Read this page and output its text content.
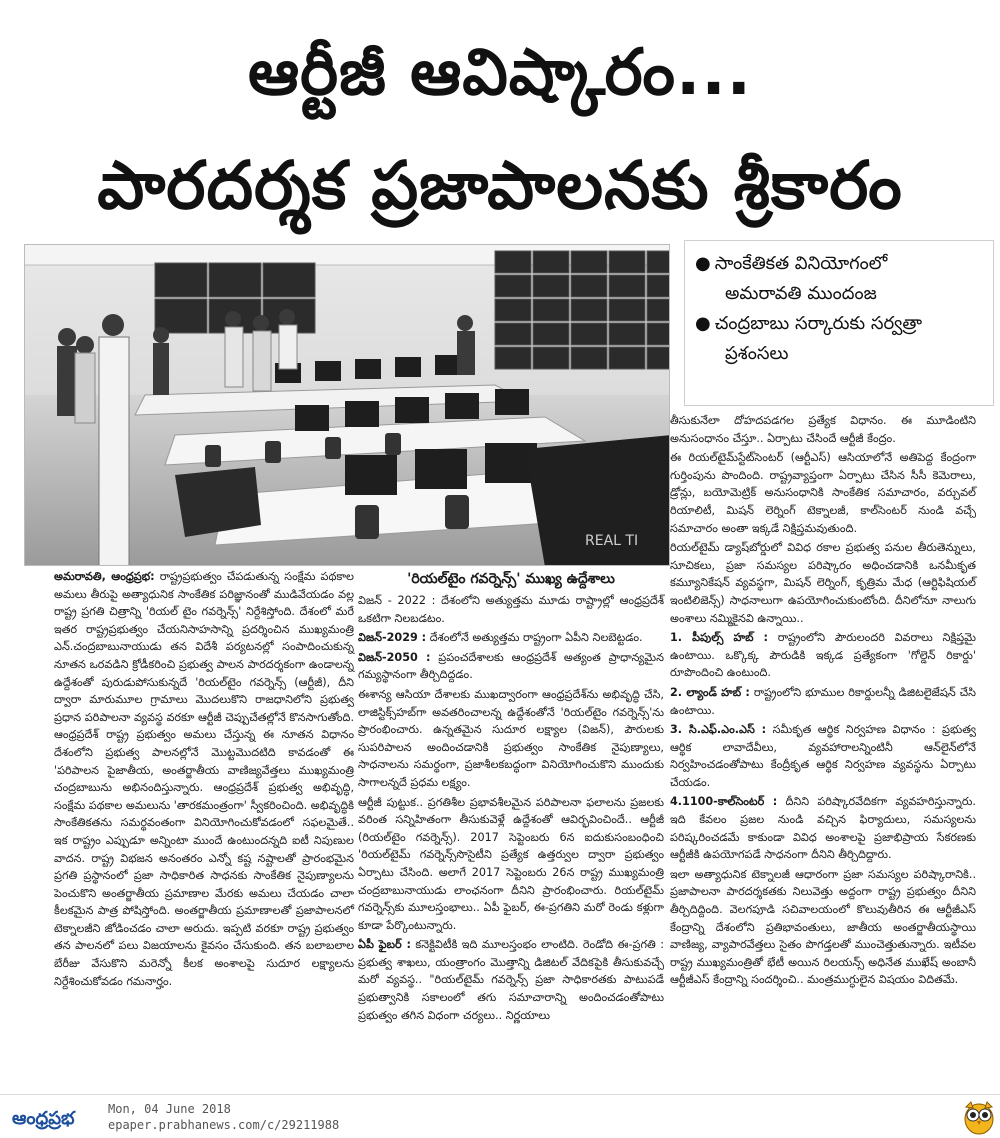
ఆర్టీజీ ఆవిష్కారం...
పారదర్శక ప్రజాపాలనకు శ్రీకారం
REAL TI
● సాంకేతికత వినియోగంలో
అమరావతి ముందంజ
● చంద్రబాబు సర్కారుకు సర్వత్రా
ప్రశంసలు

అమరావతి, ఆంధ్రప్రభ: రాష్ట్రప్రభుత్వం చేపడుతున్న సంక్షేమ పథకాల అమలు తీరుపై అత్యాధునిక సాంకేతిక పరిజ్ఞానంతో ముడివేయడం వల్ల రాష్ట్ర ప్రగతి చిత్రాన్ని 'రియల్ టైం గవర్నెన్స్' నిర్దేశిస్తోంది. దేశంలో మరే ఇతర రాష్ట్రప్రభుత్వం చేయనిసాహసాన్ని ప్రదర్శించిన ముఖ్యమంత్రి ఎన్.చంద్రబాబునాయుడు తన విదేశీ పర్యటనల్లో సంపాదించుకున్న నూతన ఒరవడిని క్రోడీకరించి ప్రభుత్వ పాలన పారదర్శకంగా ఉండాలన్న ఉద్దేశంతో పురుడుపోసుకున్నదే 'రియల్‌టైం గవర్నెన్స్ (ఆర్టీజీ), దీని ద్వారా మారుమూల గ్రామాలు మొదలుకొని రాజధానిలోని ప్రభుత్వ ప్రధాన పరిపాలనా వ్యవస్థ వరకూ ఆర్టీజీ చెప్పుచేతల్లోనే కొనసాగుతోంది. ఆంధ్రప్రదేశ్ రాష్ట్ర ప్రభుత్వం అమలు చేస్తున్న ఈ నూతన విధానం దేశంలోని ప్రభుత్వ పాలనల్లోనే మొట్టమొదటిది కావడంతో ఈ 'పరిపాలన పైజాతీయ, అంతర్జాతీయ వాణిజ్యవేత్తలు ముఖ్యమంత్రి చంద్రబాబును అభినందిస్తున్నారు. ఆంధ్రప్రదేశ్ ప్రభుత్వ అభివృద్ధి, సంక్షేమ పథకాల అమలును 'తారకమంత్రంగా' స్వీకరించింది. అభివృద్ధికి సాంకేతికతను సమర్థవంతంగా వినియోగించుకోవడంలో సఫలమైతే.. ఇక రాష్ట్రం ఎప్పుడూ అన్నింటా ముందే ఉంటుందన్నది ఐటీ నిపుణుల వాదన. రాష్ట్ర విభజన అనంతరం ఎన్నో కష్ట నష్టాలతో ప్రారంభమైన ప్రగతి ప్రస్థానంలో ప్రజా సాధికారిత సాధనకు సాంకేతిక నైపుణ్యాలను పెంచుకొని అంతర్జాతీయ ప్రమాణాల మేరకు అమలు చేయడం చాలా కీలకమైన పాత్ర పోషిస్తోంది. అంతర్జాతీయ ప్రమాణాలతో ప్రజాపాలనలో టెక్నాలజీని జోడించడం చాలా అరుదు. ఇప్పటి వరకూ రాష్ట్ర ప్రభుత్వం తన పాలనలో పలు విజయాలను కైవసం చేసుకుంది. తన బలాబలాల బేరీజు వేసుకొని మరెన్నో కీలక అంశాలపై సుదూర లక్ష్యాలను నిర్దేశించుకోవడం గమనార్హం.

'రియల్‌టైం గవర్నెన్స్' ముఖ్య ఉద్దేశాలు

విజన్ - 2022 : దేశంలోని అత్యుత్తమ మూడు రాష్ట్రాల్లో ఆంధ్రప్రదేశ్ ఒకటిగా నిలబడటం.

విజన్-2029 : దేశంలోనే అత్యుత్తమ రాష్ట్రంగా ఏపీని నిలబెట్టడం.

విజన్-2050 : ప్రపంచదేశాలకు ఆంధ్రప్రదేశ్ అత్యంత ప్రాధాన్యమైన గమ్యస్థానంగా తీర్చిదిద్దడం.

ఈశాన్య ఆసియా దేశాలకు ముఖద్వారంగా ఆంధ్రప్రదేశ్‌ను అభివృద్ధి చేసి, లాజిస్టిక్స్‌హబ్‌గా అవతరించాలన్న ఉద్దేశంతోనే 'రియల్‌టైం గవర్నెన్స్'ను ప్రారంభించారు. ఉన్నతమైన సుదూర లక్ష్యాల (విజన్), పౌరులకు సుపరిపాలన అందించడానికి ప్రభుత్వం సాంకేతిక నైపుణ్యాలు, సాధనాలను సమర్థంగా, ప్రజాశీలకబద్ధంగా వినియోగించుకొని ముందుకు సాగాలన్నదే ప్రధమ లక్ష్యం.

ఆర్టీజీ పుట్టుక.. ప్రగతిశీల ప్రభావశీలమైన పరిపాలనా ఫలాలను ప్రజలకు వరింత సన్నిహితంగా తీసుకువెళ్లే ఉద్దేశంతో ఆవిర్భవించిందే.. ఆర్టీజీ (రియల్‌టైం గవర్నెన్స్). 2017 సెప్టెంబరు 6న ఐదుకుసంబంధించి 'రియల్‌టైమ్ గవర్నెన్స్‌సొసైటీని ప్రత్యేక ఉత్తర్వుల ద్వారా ప్రభుత్వం ఏర్పాటు చేసింది. అలాగే 2017 సెప్టెంబరు 26న రాష్ట్ర ముఖ్యమంత్రి చంద్రబాబునాయుడు లాంఛనంగా దీనిని ప్రారంభించారు. రియల్‌టైమ్ గవర్నెన్స్‌కు మూలస్తంభాలు.. ఏపీ ఫైబర్, ఈ-ప్రగతిని మరో రెండు కళ్లుగా కూడా పేర్కొంటున్నారు.

ఏపీ ఫైబర్ : కనెక్టివిటీకి ఇది మూలస్తంభం లాంటిది. రెండోది ఈ-ప్రగతి : ప్రభుత్వ శాఖలు, యంత్రాంగం మొత్తాన్ని డిజిటల్ వేదికపైకి తీసుకువచ్చే మరో వ్యవస్థ.. "రియల్‌టైమ్ గవర్నెన్స్ ప్రజా సాధికారతకు పాటుపడే ప్రభుత్వానికి సకాలంలో తగు సమాచారాన్ని అందించడంతోపాటు ప్రభుత్వం తగిన విధంగా చర్యలు.. నిర్ణయాలు

తీసుకునేలా దోహదపడగల ప్రత్యేక విధానం. ఈ మూడింటిని అనుసంధానం చేస్తూ.. ఏర్పాటు చేసిందే ఆర్టీజీ కేంద్రం.

ఈ రియల్‌టైమ్‌స్టేట్‌సెంటర్ (ఆర్టీఎస్) ఆసియాలోనే అతిపెద్ద కేంద్రంగా గుర్తింపును పొందింది. రాష్ట్రవ్యాప్తంగా ఏర్పాటు చేసిన సీసీ కెమెరాలు, డ్రోన్లు, బయోమెట్రిక్ అనుసంధానికి సాంకేతిక సమాచారం, వర్చువల్ రియాలిటీ, మిషన్ లెర్నింగ్ టెక్నాలజీ, కాల్‌సెంటర్ నుండి వచ్చే సమాచారం అంతా ఇక్కడే నిక్షిప్తమవుతుంది.

రియల్‌టైమ్ డ్యాష్‌బోర్డులో వివిధ రకాల ప్రభుత్వ పనుల తీరుతెన్నులు, సూచికలు, ప్రజా సమస్యల పరిష్కారం అధించడానికి ఒనమీకృత కమ్యూనికేషన్ వ్యవస్థగా, మిషన్ లెర్నింగ్, కృత్రిమ మేధ (ఆర్టిఫిషియల్ ఇంటిలిజెన్స్) సాధనాలుగా ఉపయోగించుకుంటోంది. దీనిలోనూ నాలుగు అంశాలు నమ్మికైనవి ఉన్నాయి..

1. పీపుల్స్ హబ్ : రాష్ట్రంలోని పౌరులందరి వివరాలు నిక్షిప్తమై ఉంటాయి. ఒక్కొక్క పౌరుడికి ఇక్కడ ప్రత్యేకంగా 'గోల్డెన్ రికార్డు' రూపొందించి ఉంటుంది.

2. ల్యాండ్ హబ్ : రాష్ట్రంలోని భూముల రికార్డులన్నీ డిజిటలైజేషన్ చేసి ఉంటాయి.

3. సి.ఎఫ్.ఎం.ఎస్ : సమీకృత ఆర్థిక నిర్వహణ విధానం : ప్రభుత్వ ఆర్థిక లావాదేవీలు, వ్యవహారాలన్నింటినీ ఆన్‌లైన్‌లోనే నిర్వహించడంతోపాటు కేంద్రీకృత ఆర్థిక నిర్వహణ వ్యవస్థను ఏర్పాటు చేయడం.

4.1100-కాల్‌సెంటర్ : దీనిని పరిష్కారవేదికగా వ్యవహరిస్తున్నారు. ఇది కేవలం ప్రజల నుండి వచ్చిన ఫిర్యాదులు, సమస్యలను పరిష్కరించడమే కాకుండా వివిధ అంశాలపై ప్రజాభిప్రాయ సేకరణకు ఆర్టీజీకి ఉపయోగపడే సాధనంగా దీనిని తీర్చిదిద్దారు.

ఇలా అత్యాధునిక టెక్నాలజీ ఆధారంగా ప్రజా సమస్యల పరిష్కారానికి.. ప్రజాపాలనా పారదర్శకతకు నిలువెత్తు అద్దంగా రాష్ట్ర ప్రభుత్వం దీనిని తీర్చిదిద్దింది. వెలగపూడి సచివాలయంలో కొలువుతీరిన ఈ ఆర్టీజీఎస్ కేంద్రాన్ని దేశంలోని ప్రతిభావంతులు, జాతీయ అంతర్జాతీయస్థాయి వాణిజ్య, వ్యాపారవేత్తలు సైతం పొగడ్తలతో ముంచెత్తుతున్నారు. ఇటీవల రాష్ట్ర ముఖ్యమంత్రితో భేటీ అయిన రిలయన్స్ అధినేత ముఖేష్ అంబానీ ఆర్టీజీఎస్ కేంద్రాన్ని సందర్శించి.. మంత్రముగ్ధులైన విషయం విదితమే.

ఆంధ్రప్రభ	Mon, 04 June 2018
epaper.prabhanews.com/c/29211988
